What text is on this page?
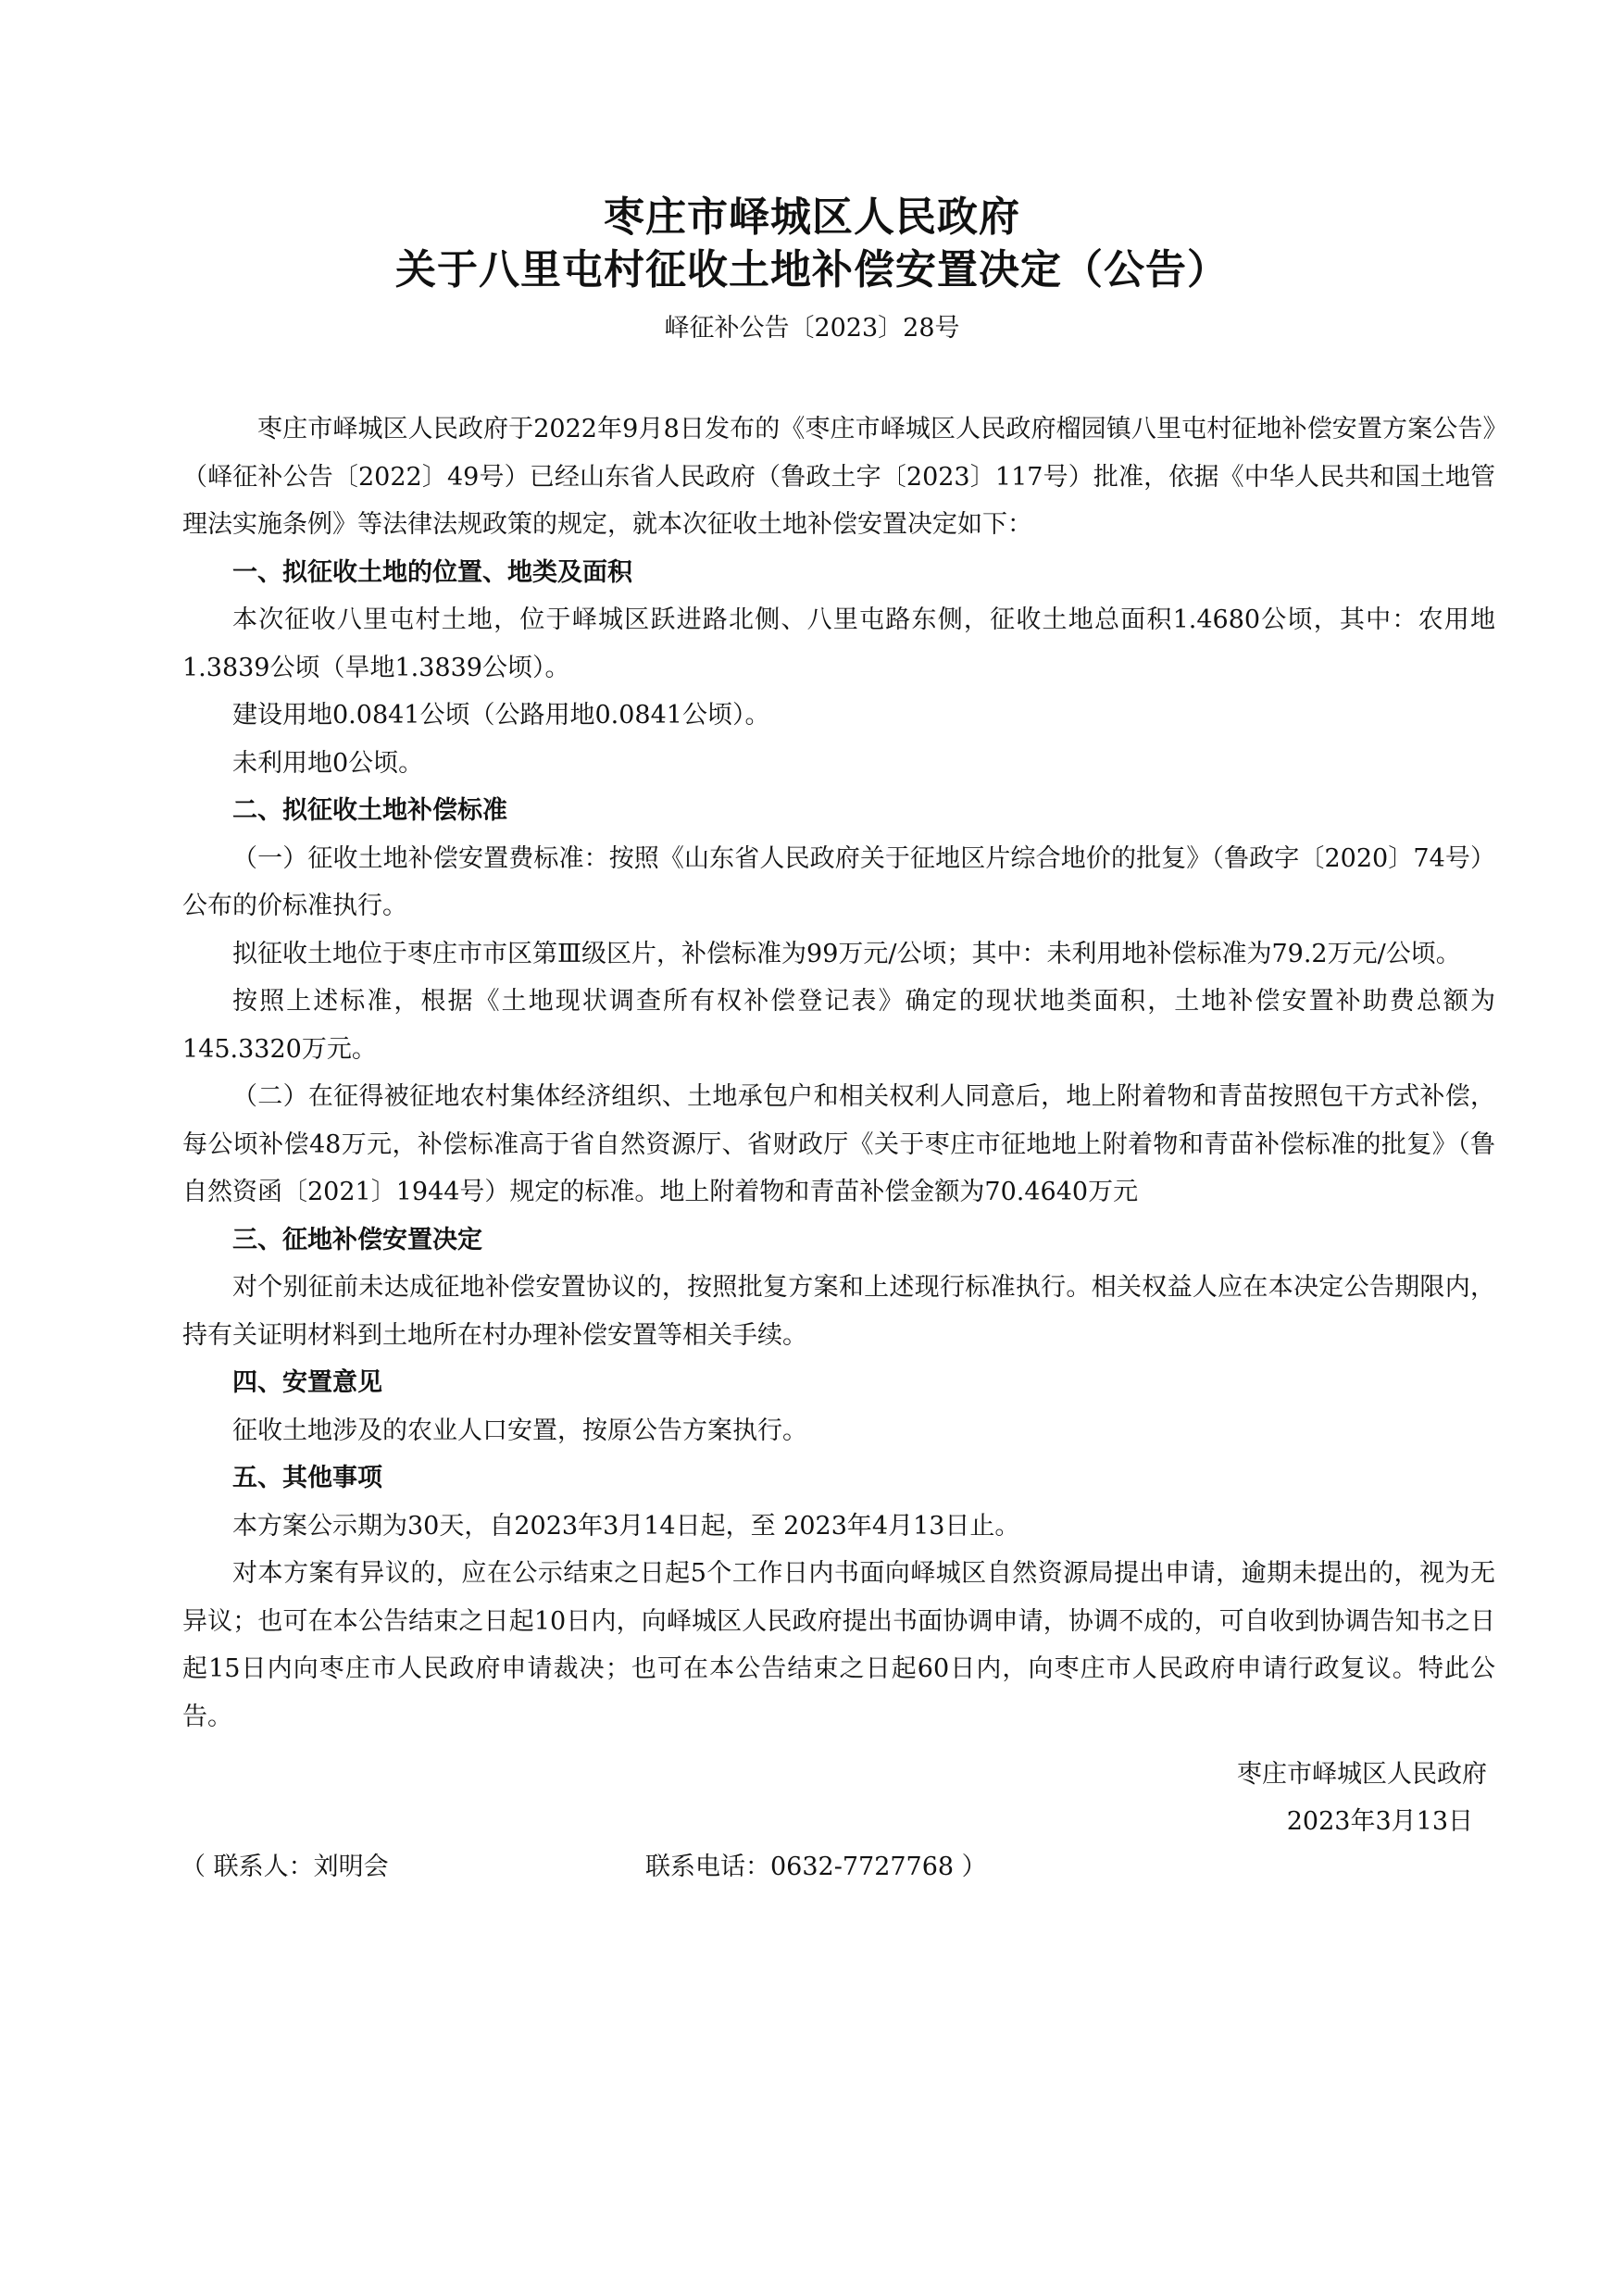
枣庄市峄城区人民政府
关于八里屯村征收土地补偿安置决定（公告）
峄征补公告〔2023〕28号

枣庄市峄城区人民政府于2022年9月8日发布的《枣庄市峄城区人民政府榴园镇八里屯村征地补偿安置方案公告》（峄征补公告〔2022〕49号）已经山东省人民政府（鲁政土字〔2023〕117号）批准，依据《中华人民共和国土地管理法实施条例》等法律法规政策的规定，就本次征收土地补偿安置决定如下：

一、拟征收土地的位置、地类及面积

本次征收八里屯村土地，位于峄城区跃进路北侧、八里屯路东侧，征收土地总面积1.4680公顷，其中：农用地1.3839公顷（旱地1.3839公顷）。

建设用地0.0841公顷（公路用地0.0841公顷）。

未利用地0公顷。

二、拟征收土地补偿标准

（一）征收土地补偿安置费标准：按照《山东省人民政府关于征地区片综合地价的批复》（鲁政字〔2020〕74号）公布的价标准执行。

拟征收土地位于枣庄市市区第Ⅲ级区片，补偿标准为99万元/公顷；其中：未利用地补偿标准为79.2万元/公顷。

按照上述标准，根据《土地现状调查所有权补偿登记表》确定的现状地类面积，土地补偿安置补助费总额为145.3320万元。

（二）在征得被征地农村集体经济组织、土地承包户和相关权利人同意后，地上附着物和青苗按照包干方式补偿，每公顷补偿48万元，补偿标准高于省自然资源厅、省财政厅《关于枣庄市征地地上附着物和青苗补偿标准的批复》（鲁自然资函〔2021〕1944号）规定的标准。地上附着物和青苗补偿金额为70.4640万元

三、征地补偿安置决定

对个别征前未达成征地补偿安置协议的，按照批复方案和上述现行标准执行。相关权益人应在本决定公告期限内，持有关证明材料到土地所在村办理补偿安置等相关手续。

四、安置意见

征收土地涉及的农业人口安置，按原公告方案执行。

五、其他事项

本方案公示期为30天，自2023年3月14日起，至 2023年4月13日止。

对本方案有异议的，应在公示结束之日起5个工作日内书面向峄城区自然资源局提出申请，逾期未提出的，视为无异议；也可在本公告结束之日起10日内，向峄城区人民政府提出书面协调申请，协调不成的，可自收到协调告知书之日起15日内向枣庄市人民政府申请裁决；也可在本公告结束之日起60日内，向枣庄市人民政府申请行政复议。特此公告。

枣庄市峄城区人民政府
2023年3月13日
（ 联系人：刘明会	联系电话：0632-7727768 ）
